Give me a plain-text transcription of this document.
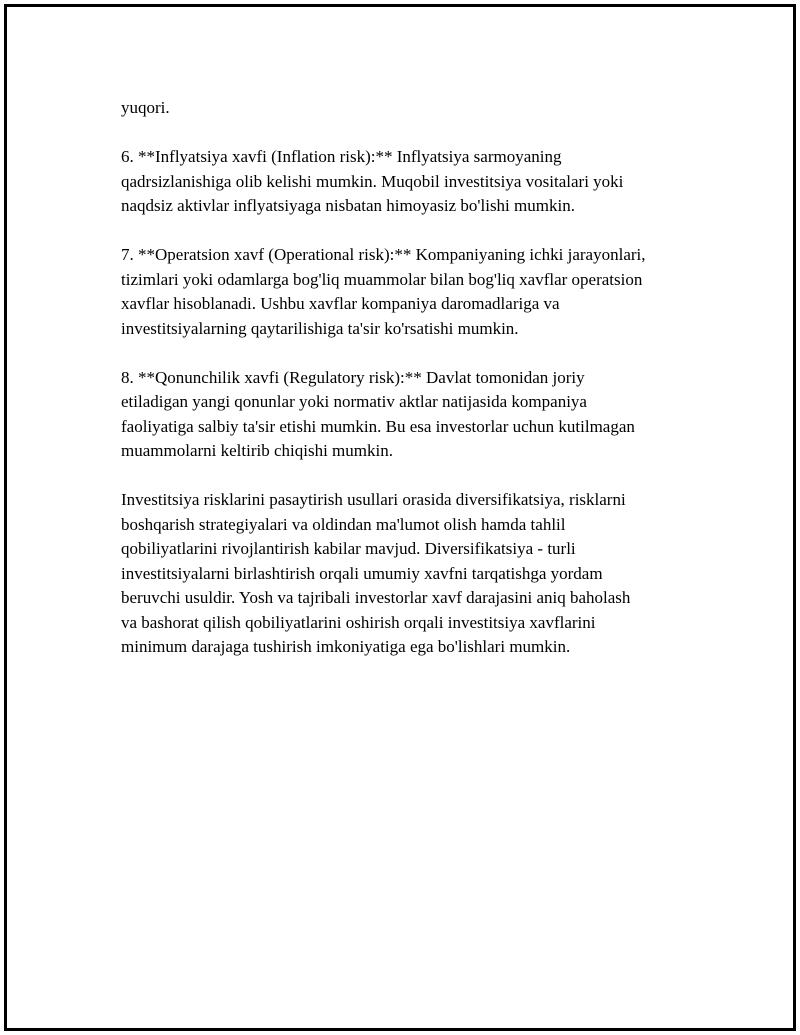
yuqori.

6. **Inflyatsiya xavfi (Inflation risk):** Inflyatsiya sarmoyaning
qadrsizlanishiga olib kelishi mumkin. Muqobil investitsiya vositalari yoki
naqdsiz aktivlar inflyatsiyaga nisbatan himoyasiz bo'lishi mumkin.

7. **Operatsion xavf (Operational risk):** Kompaniyaning ichki jarayonlari,
tizimlari yoki odamlarga bog'liq muammolar bilan bog'liq xavflar operatsion
xavflar hisoblanadi. Ushbu xavflar kompaniya daromadlariga va
investitsiyalarning qaytarilishiga ta'sir ko'rsatishi mumkin.

8. **Qonunchilik xavfi (Regulatory risk):** Davlat tomonidan joriy
etiladigan yangi qonunlar yoki normativ aktlar natijasida kompaniya
faoliyatiga salbiy ta'sir etishi mumkin. Bu esa investorlar uchun kutilmagan
muammolarni keltirib chiqishi mumkin.

Investitsiya risklarini pasaytirish usullari orasida diversifikatsiya, risklarni
boshqarish strategiyalari va oldindan ma'lumot olish hamda tahlil
qobiliyatlarini rivojlantirish kabilar mavjud. Diversifikatsiya - turli
investitsiyalarni birlashtirish orqali umumiy xavfni tarqatishga yordam
beruvchi usuldir. Yosh va tajribali investorlar xavf darajasini aniq baholash
va bashorat qilish qobiliyatlarini oshirish orqali investitsiya xavflarini
minimum darajaga tushirish imkoniyatiga ega bo'lishlari mumkin.
